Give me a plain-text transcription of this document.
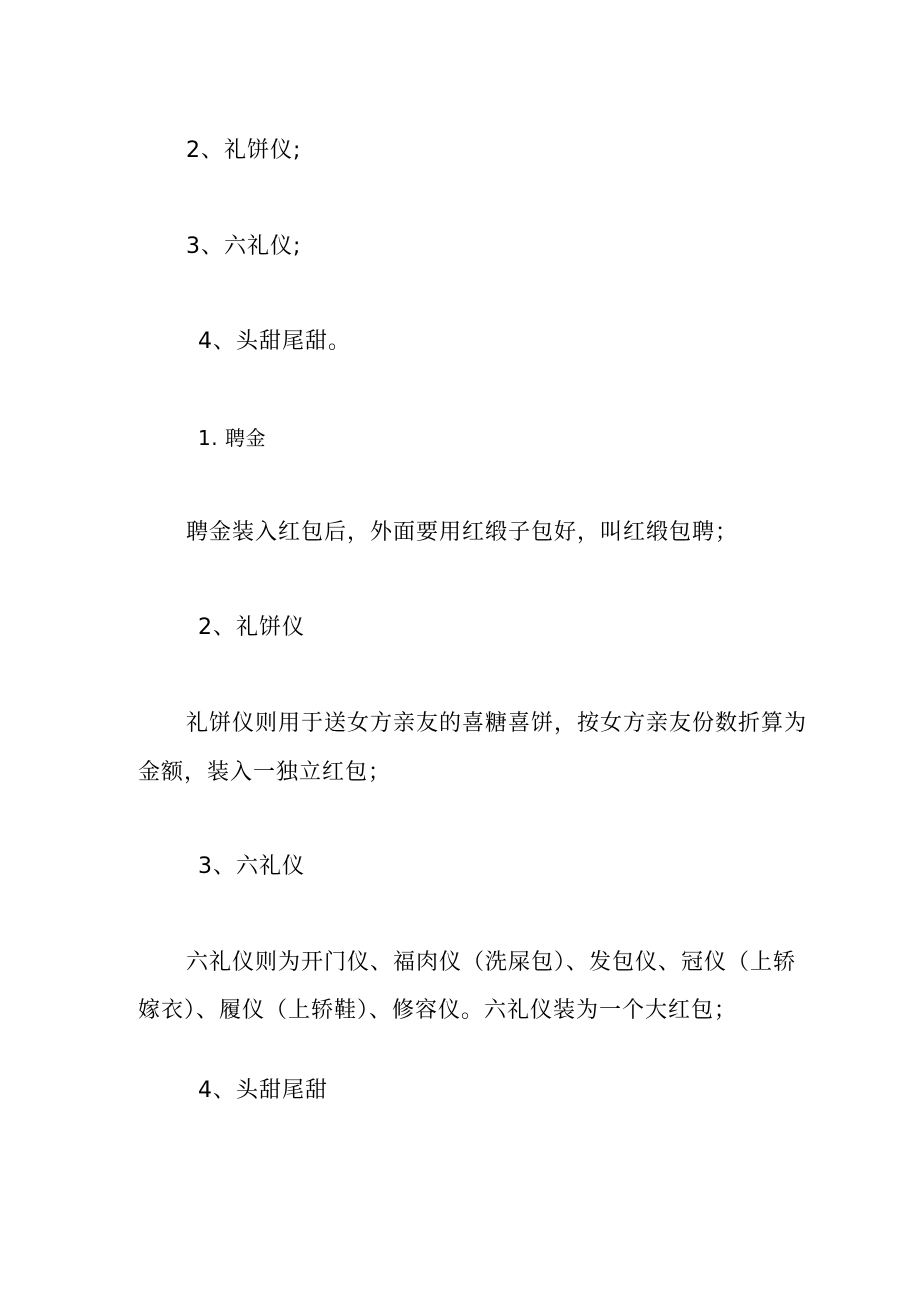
2、礼饼仪;
3、六礼仪;
4、头甜尾甜。
1. 聘金
聘金装入红包后，外面要用红缎子包好，叫红缎包聘；
2、礼饼仪
礼饼仪则用于送女方亲友的喜糖喜饼，按女方亲友份数折算为
金额，装入一独立红包；
3、六礼仪
六礼仪则为开门仪、福肉仪（洗屎包）、发包仪、冠仪（上轿
嫁衣）、履仪（上轿鞋）、修容仪。六礼仪装为一个大红包；
4、头甜尾甜
